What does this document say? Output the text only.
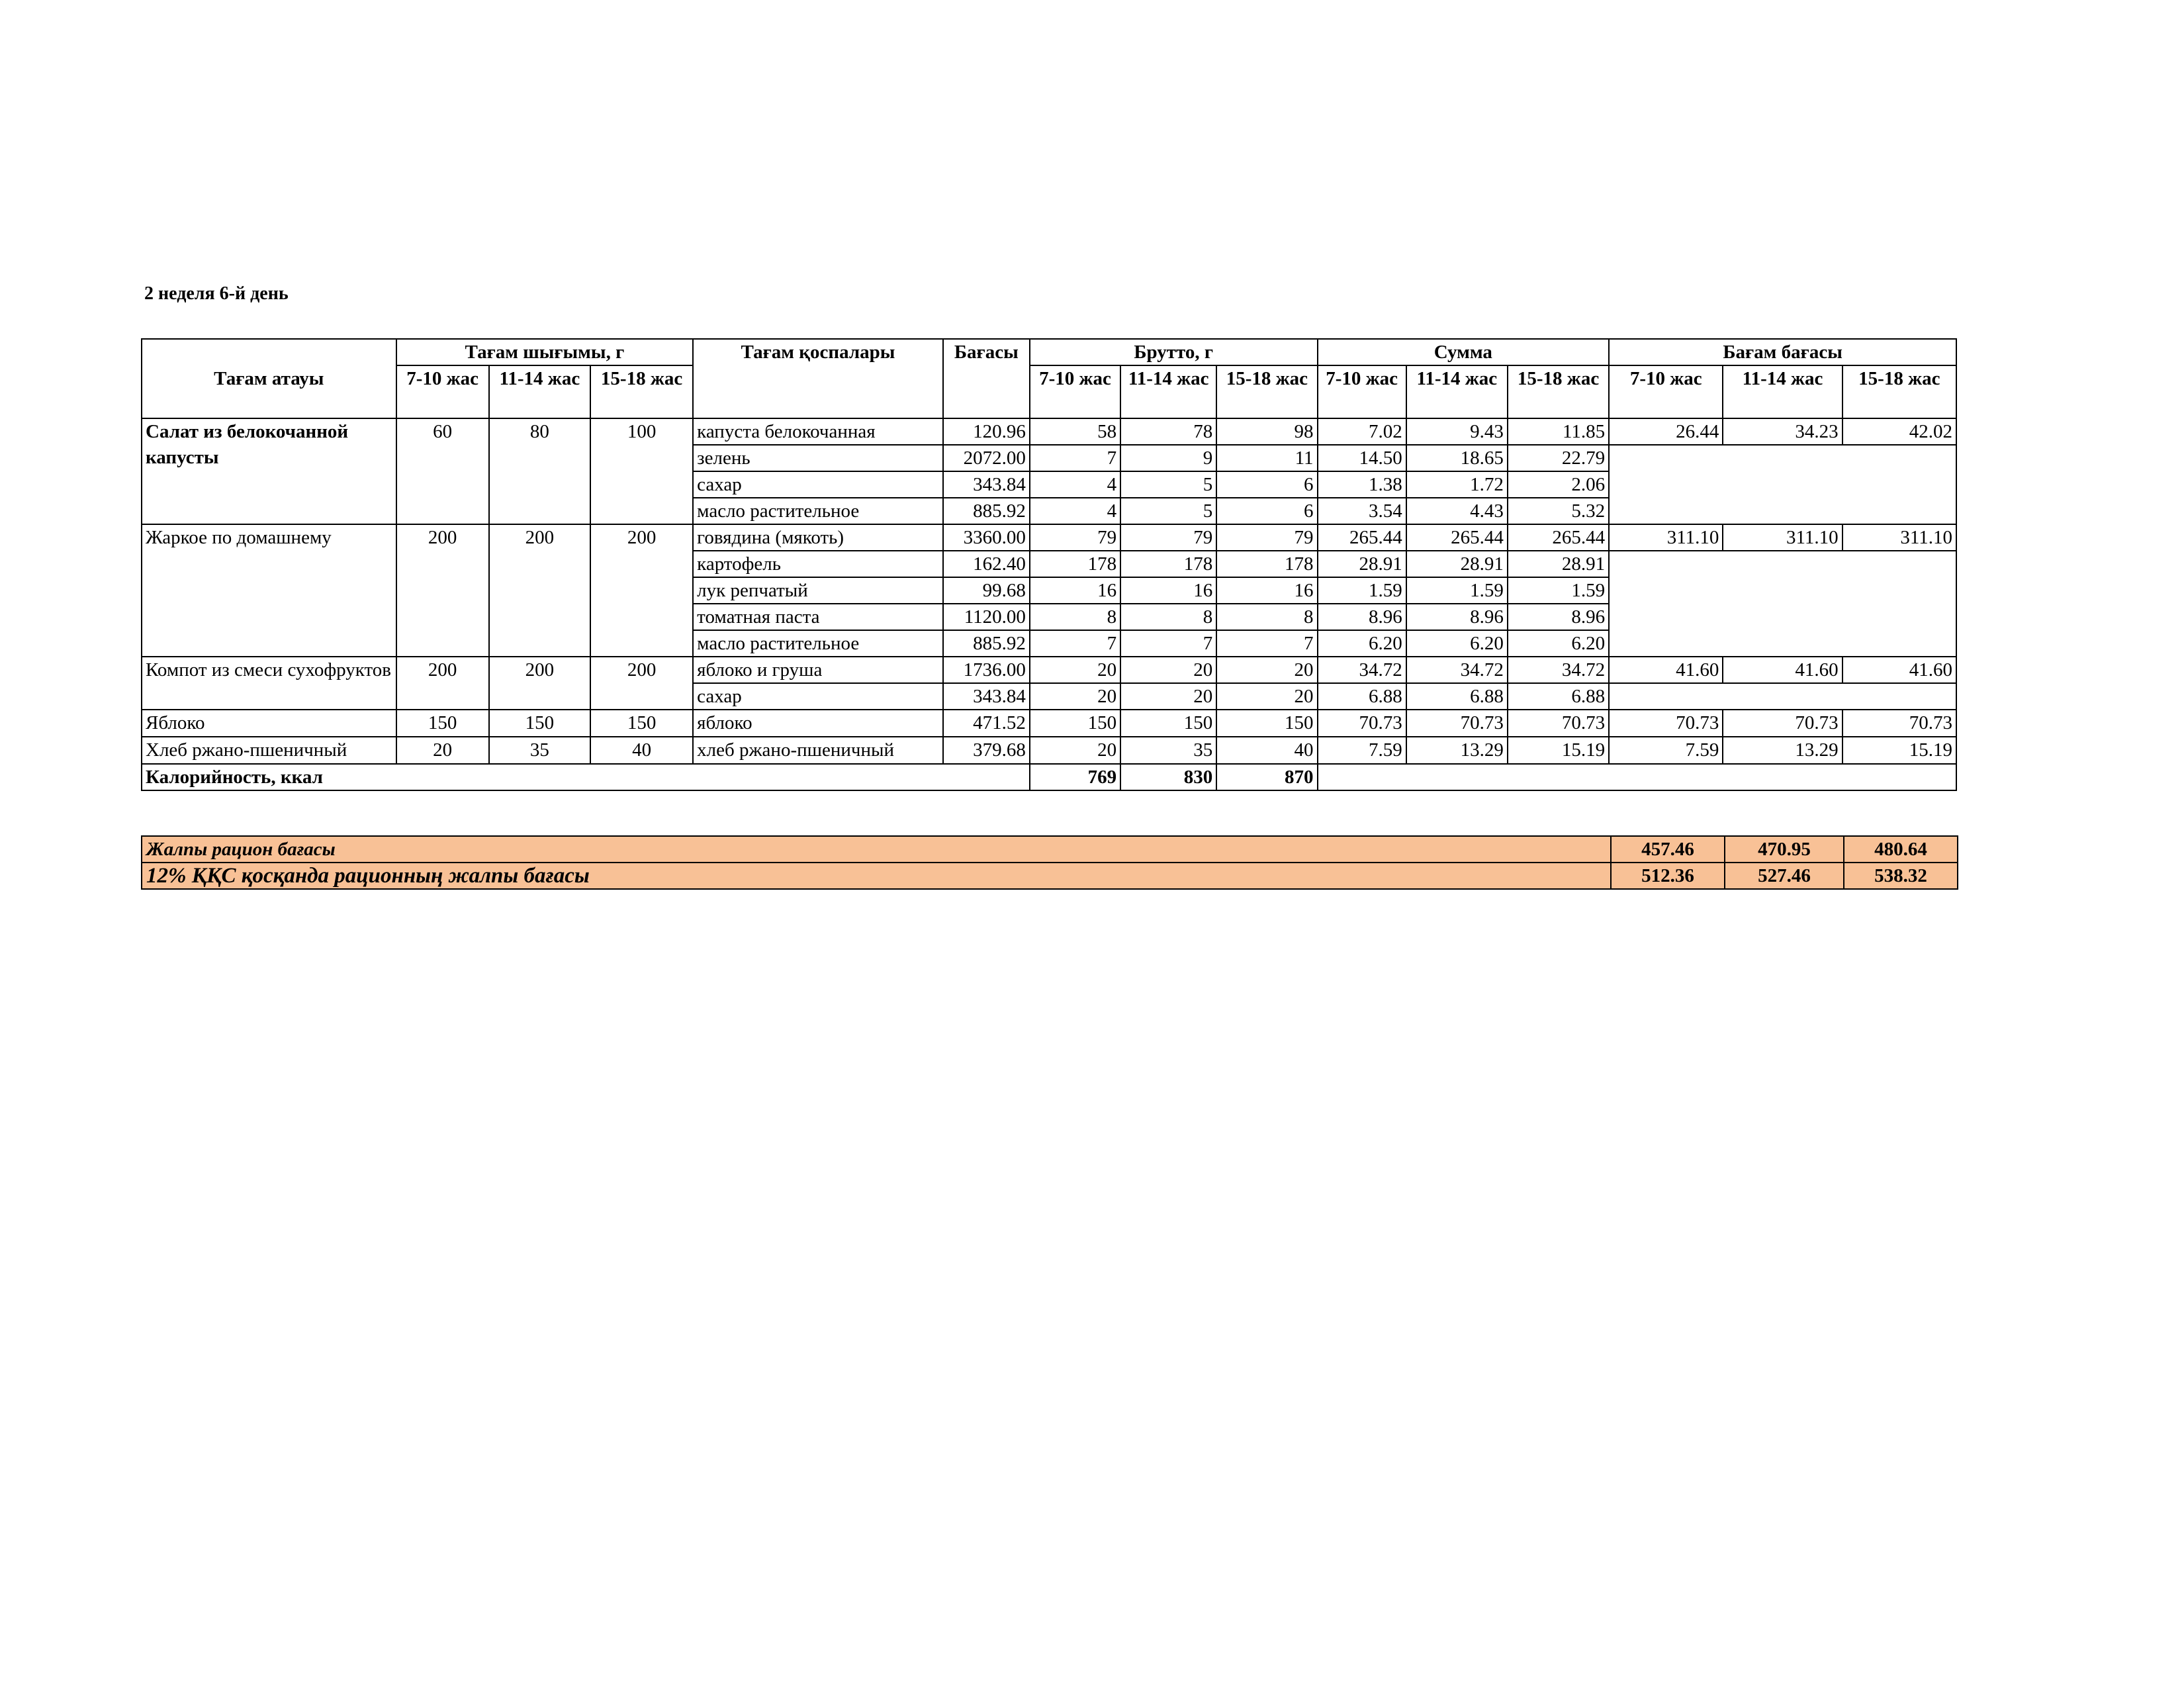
2 неделя 6-й день
Тағам атауы	Тағам шығымы, г			Тағам қоспалары	Бағасы	Брутто, г			Сумма			Бағам бағасы		
	7-10 жас	11-14 жас	15-18 жас			7-10 жас	11-14 жас	15-18 жас	7-10 жас	11-14 жас	15-18 жас	7-10 жас	11-14 жас	15-18 жас
Салат из белокочанной капусты	60	80	100	капуста белокочанная	120.96	58	78	98	7.02	9.43	11.85	26.44	34.23	42.02
				зелень	2072.00	7	9	11	14.50	18.65	22.79			
				сахар	343.84	4	5	6	1.38	1.72	2.06			
				масло растительное	885.92	4	5	6	3.54	4.43	5.32			
Жаркое по домашнему	200	200	200	говядина (мякоть)	3360.00	79	79	79	265.44	265.44	265.44	311.10	311.10	311.10
				картофель	162.40	178	178	178	28.91	28.91	28.91			
				лук репчатый	99.68	16	16	16	1.59	1.59	1.59			
				томатная паста	1120.00	8	8	8	8.96	8.96	8.96			
				масло растительное	885.92	7	7	7	6.20	6.20	6.20			
Компот из смеси сухофруктов	200	200	200	яблоко и груша	1736.00	20	20	20	34.72	34.72	34.72	41.60	41.60	41.60
				сахар	343.84	20	20	20	6.88	6.88	6.88			
Яблоко	150	150	150	яблоко	471.52	150	150	150	70.73	70.73	70.73	70.73	70.73	70.73
Хлеб ржано-пшеничный	20	35	40	хлеб ржано-пшеничный	379.68	20	35	40	7.59	13.29	15.19	7.59	13.29	15.19
Калорийность, ккал						769	830	870						
Жалпы рацион бағасы	457.46	470.95	480.64
12% ҚҚС қосқанда рационның жалпы бағасы	512.36	527.46	538.32
